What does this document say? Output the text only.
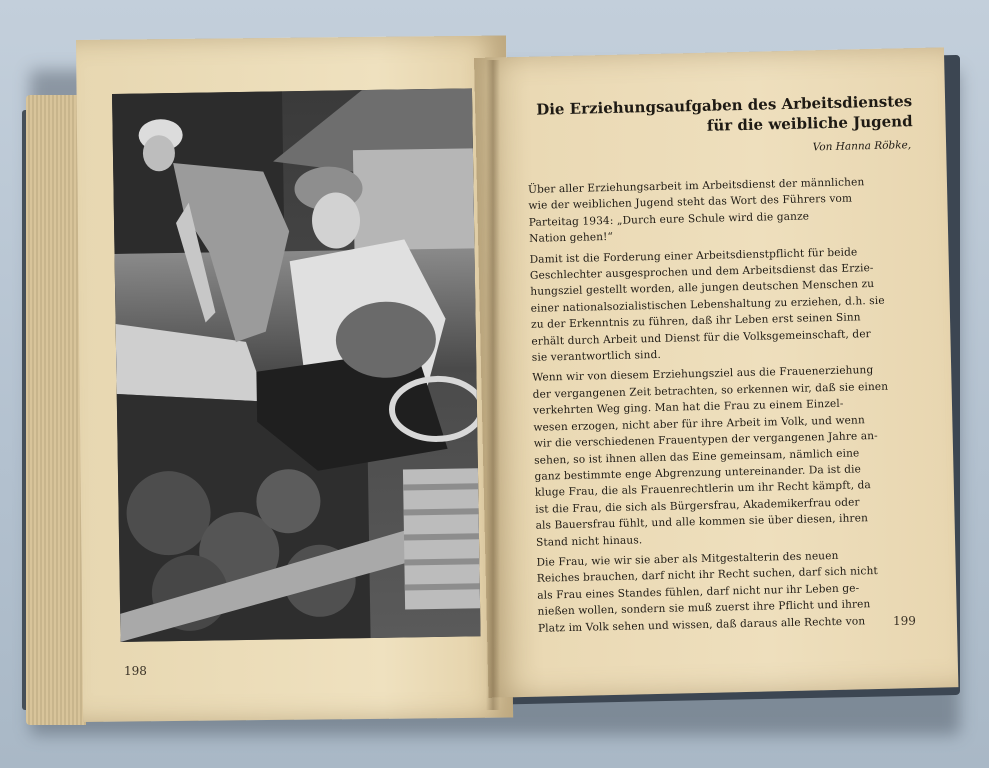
198
199
Die Erziehungsaufgaben des Arbeitsdienstes
für die weibliche Jugend
Von Hanna Röbke,
Über aller Erziehungsarbeit im Arbeitsdienst der männlichen
wie der weiblichen Jugend steht das Wort des Führers vom
Parteitag 1934: „Durch eure Schule wird die ganze
Nation gehen!“
Damit ist die Forderung einer Arbeitsdienstpflicht für beide
Geschlechter ausgesprochen und dem Arbeitsdienst das Erzie-
hungsziel gestellt worden, alle jungen deutschen Menschen zu
einer nationalsozialistischen Lebenshaltung zu erziehen, d.h. sie
zu der Erkenntnis zu führen, daß ihr Leben erst seinen Sinn
erhält durch Arbeit und Dienst für die Volksgemeinschaft, der
sie verantwortlich sind.
Wenn wir von diesem Erziehungsziel aus die Frauenerziehung
der vergangenen Zeit betrachten, so erkennen wir, daß sie einen
verkehrten Weg ging. Man hat die Frau zu einem Einzel-
wesen erzogen, nicht aber für ihre Arbeit im Volk, und wenn
wir die verschiedenen Frauentypen der vergangenen Jahre an-
sehen, so ist ihnen allen das Eine gemeinsam, nämlich eine
ganz bestimmte enge Abgrenzung untereinander. Da ist die
kluge Frau, die als Frauenrechtlerin um ihr Recht kämpft, da
ist die Frau, die sich als Bürgersfrau, Akademikerfrau oder
als Bauersfrau fühlt, und alle kommen sie über diesen, ihren
Stand nicht hinaus.
Die Frau, wie wir sie aber als Mitgestalterin des neuen
Reiches brauchen, darf nicht ihr Recht suchen, darf sich nicht
als Frau eines Standes fühlen, darf nicht nur ihr Leben ge-
nießen wollen, sondern sie muß zuerst ihre Pflicht und ihren
Platz im Volk sehen und wissen, daß daraus alle Rechte von
